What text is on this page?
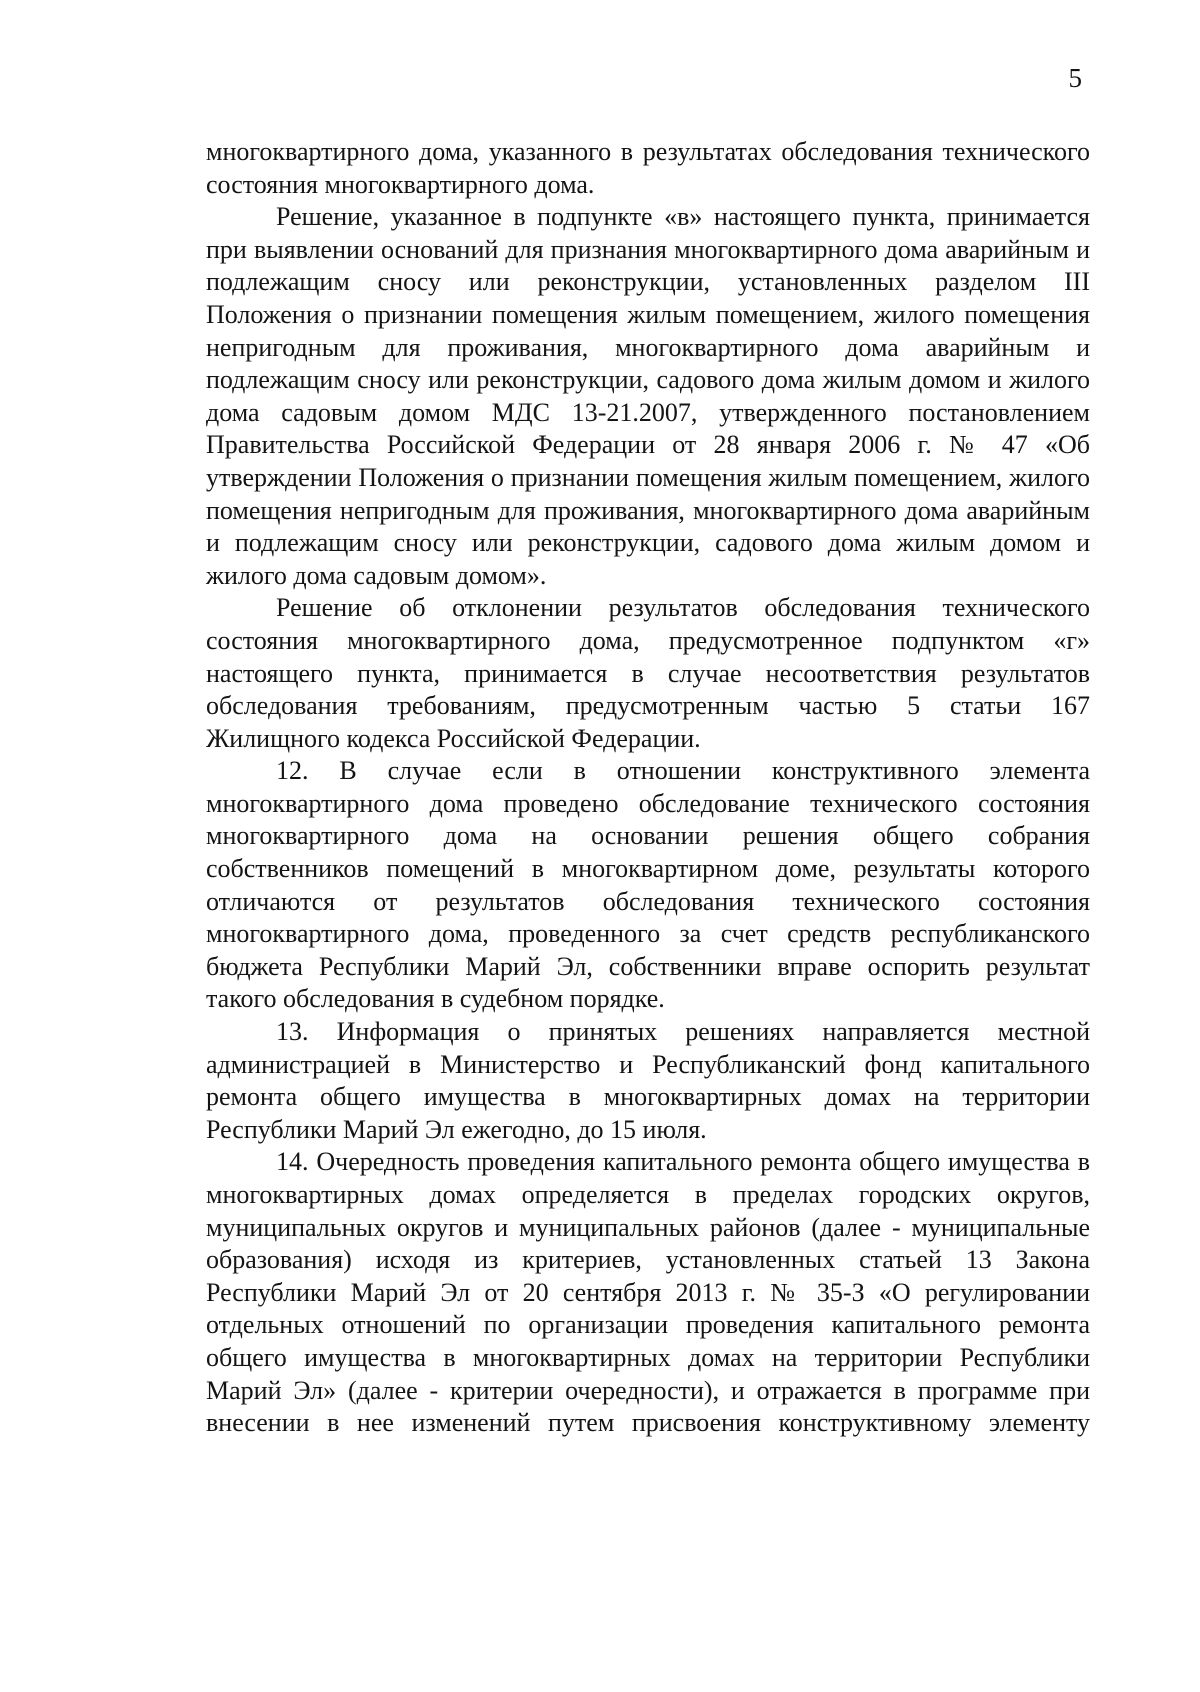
5

многоквартирного дома, указанного в результатах обследования технического состояния многоквартирного дома.

Решение, указанное в подпункте «в» настоящего пункта, принимается при выявлении оснований для признания многоквартирного дома аварийным и подлежащим сносу или реконструкции, установленных разделом III Положения о признании помещения жилым помещением, жилого помещения непригодным для проживания, многоквартирного дома аварийным и подлежащим сносу или реконструкции, садового дома жилым домом и жилого дома садовым домом МДС 13-21.2007, утвержденного постановлением Правительства Российской Федерации от 28 января 2006 г. № 47 «Об утверждении Положения о признании помещения жилым помещением, жилого помещения непригодным для проживания, многоквартирного дома аварийным и подлежащим сносу или реконструкции, садового дома жилым домом и жилого дома садовым домом».

Решение об отклонении результатов обследования технического состояния многоквартирного дома, предусмотренное подпунктом «г» настоящего пункта, принимается в случае несоответствия результатов обследования требованиям, предусмотренным частью 5 статьи 167 Жилищного кодекса Российской Федерации.

12. В случае если в отношении конструктивного элемента многоквартирного дома проведено обследование технического состояния многоквартирного дома на основании решения общего собрания собственников помещений в многоквартирном доме, результаты которого отличаются от результатов обследования технического состояния многоквартирного дома, проведенного за счет средств республиканского бюджета Республики Марий Эл, собственники вправе оспорить результат такого обследования в судебном порядке.

13. Информация о принятых решениях направляется местной администрацией в Министерство и Республиканский фонд капитального ремонта общего имущества в многоквартирных домах на территории Республики Марий Эл ежегодно, до 15 июля.

14. Очередность проведения капитального ремонта общего имущества в многоквартирных домах определяется в пределах городских округов, муниципальных округов и муниципальных районов (далее - муниципальные образования) исходя из критериев, установленных статьей 13 Закона Республики Марий Эл от 20 сентября 2013 г. № 35-З «О регулировании отдельных отношений по организации проведения капитального ремонта общего имущества в многоквартирных домах на территории Республики Марий Эл» (далее - критерии очередности), и отражается в программе при внесении в нее изменений путем присвоения конструктивному элементу
